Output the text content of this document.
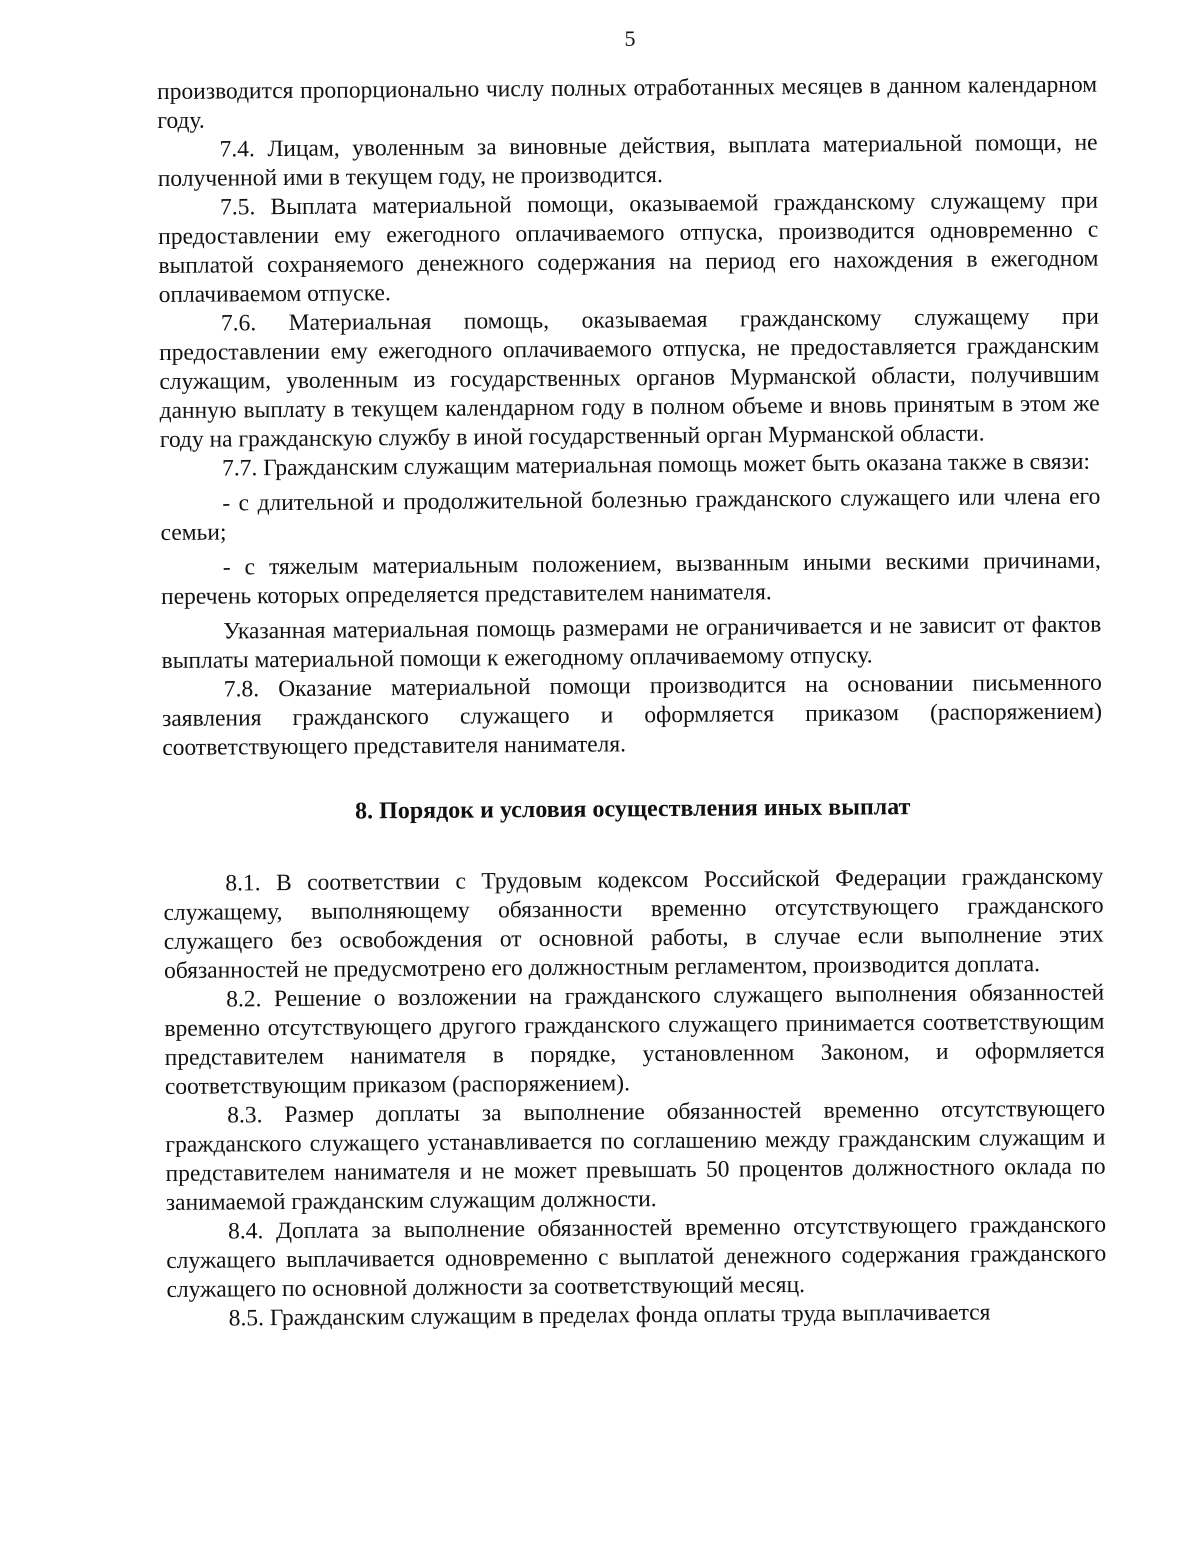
5

производится пропорционально числу полных отработанных месяцев в данном календарном году.

7.4. Лицам, уволенным за виновные действия, выплата материальной помощи, не полученной ими в текущем году, не производится.

7.5. Выплата материальной помощи, оказываемой гражданскому служащему при предоставлении ему ежегодного оплачиваемого отпуска, производится одновременно с выплатой сохраняемого денежного содержания на период его нахождения в ежегодном оплачиваемом отпуске.

7.6. Материальная помощь, оказываемая гражданскому служащему при предоставлении ему ежегодного оплачиваемого отпуска, не предоставляется гражданским служащим, уволенным из государственных органов Мурманской области, получившим данную выплату в текущем календарном году в полном объеме и вновь принятым в этом же году на гражданскую службу в иной государственный орган Мурманской области.

7.7. Гражданским служащим материальная помощь может быть оказана также в связи:

- с длительной и продолжительной болезнью гражданского служащего или члена его семьи;

- с тяжелым материальным положением, вызванным иными вескими причинами, перечень которых определяется представителем нанимателя.

Указанная материальная помощь размерами не ограничивается и не зависит от фактов выплаты материальной помощи к ежегодному оплачиваемому отпуску.

7.8. Оказание материальной помощи производится на основании письменного заявления гражданского служащего и оформляется приказом (распоряжением) соответствующего представителя нанимателя.

8. Порядок и условия осуществления иных выплат

8.1. В соответствии с Трудовым кодексом Российской Федерации гражданскому служащему, выполняющему обязанности временно отсутствующего гражданского служащего без освобождения от основной работы, в случае если выполнение этих обязанностей не предусмотрено его должностным регламентом, производится доплата.

8.2. Решение о возложении на гражданского служащего выполнения обязанностей временно отсутствующего другого гражданского служащего принимается соответствующим представителем нанимателя в порядке, установленном Законом, и оформляется соответствующим приказом (распоряжением).

8.3. Размер доплаты за выполнение обязанностей временно отсутствующего гражданского служащего устанавливается по соглашению между гражданским служащим и представителем нанимателя и не может превышать 50 процентов должностного оклада по занимаемой гражданским служащим должности.

8.4. Доплата за выполнение обязанностей временно отсутствующего гражданского служащего выплачивается одновременно с выплатой денежного содержания гражданского служащего по основной должности за соответствующий месяц.

8.5. Гражданским служащим в пределах фонда оплаты труда выплачивается
